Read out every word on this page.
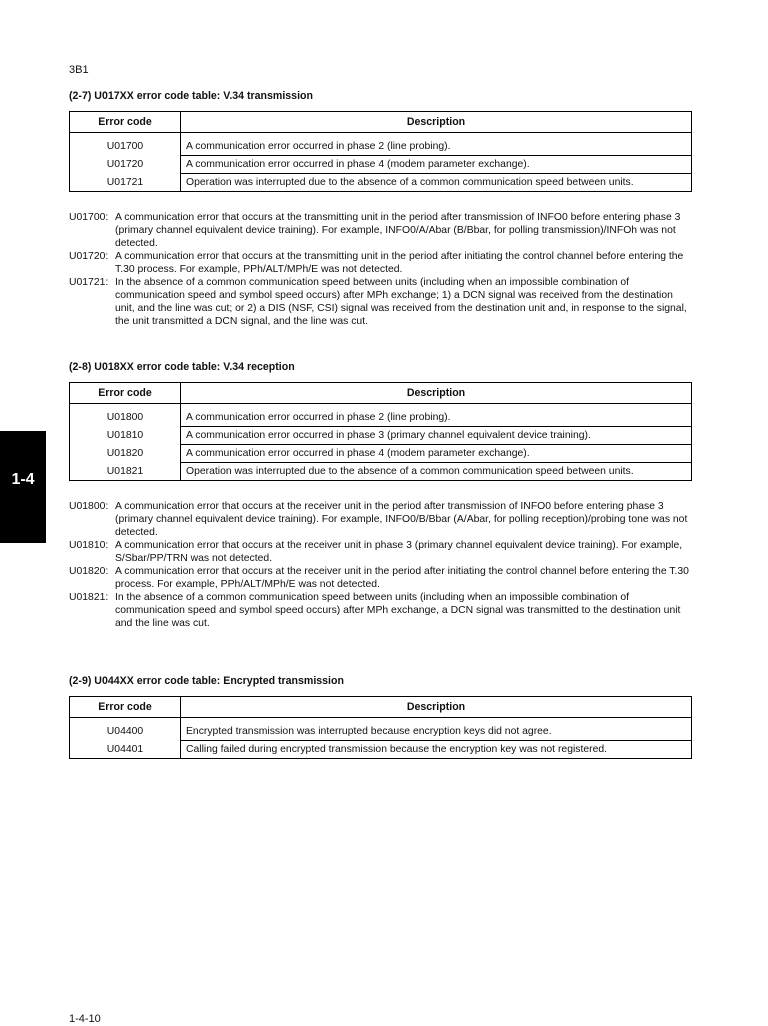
3B1
1-4
(2-7) U017XX error code table: V.34 transmission
Error code	Description
U01700	A communication error occurred in phase 2 (line probing).
U01720	A communication error occurred in phase 4 (modem parameter exchange).
U01721	Operation was interrupted due to the absence of a common communication speed between units.
U01700: A communication error that occurs at the transmitting unit in the period after transmission of INFO0 before entering phase 3 (primary channel equivalent device training). For example, INFO0/A/Abar (B/Bbar, for polling transmission)/INFOh was not detected.
U01720: A communication error that occurs at the transmitting unit in the period after initiating the control channel before entering the T.30 process. For example, PPh/ALT/MPh/E was not detected.
U01721: In the absence of a common communication speed between units (including when an impossible combination of communication speed and symbol speed occurs) after MPh exchange; 1) a DCN signal was received from the destination unit, and the line was cut; or 2) a DIS (NSF, CSI) signal was received from the destination unit and, in response to the signal, the unit transmitted a DCN signal, and the line was cut.
(2-8) U018XX error code table: V.34 reception
Error code	Description
U01800	A communication error occurred in phase 2 (line probing).
U01810	A communication error occurred in phase 3 (primary channel equivalent device training).
U01820	A communication error occurred in phase 4 (modem parameter exchange).
U01821	Operation was interrupted due to the absence of a common communication speed between units.
U01800: A communication error that occurs at the receiver unit in the period after transmission of INFO0 before entering phase 3 (primary channel equivalent device training). For example, INFO0/B/Bbar (A/Abar, for polling reception)/probing tone was not detected.
U01810: A communication error that occurs at the receiver unit in phase 3 (primary channel equivalent device training). For example, S/Sbar/PP/TRN was not detected.
U01820: A communication error that occurs at the receiver unit in the period after initiating the control channel before entering the T.30 process. For example, PPh/ALT/MPh/E was not detected.
U01821: In the absence of a common communication speed between units (including when an impossible combination of communication speed and symbol speed occurs) after MPh exchange, a DCN signal was transmitted to the destination unit and the line was cut.
(2-9) U044XX error code table: Encrypted transmission
Error code	Description
U04400	Encrypted transmission was interrupted because encryption keys did not agree.
U04401	Calling failed during encrypted transmission because the encryption key was not registered.
1-4-10
